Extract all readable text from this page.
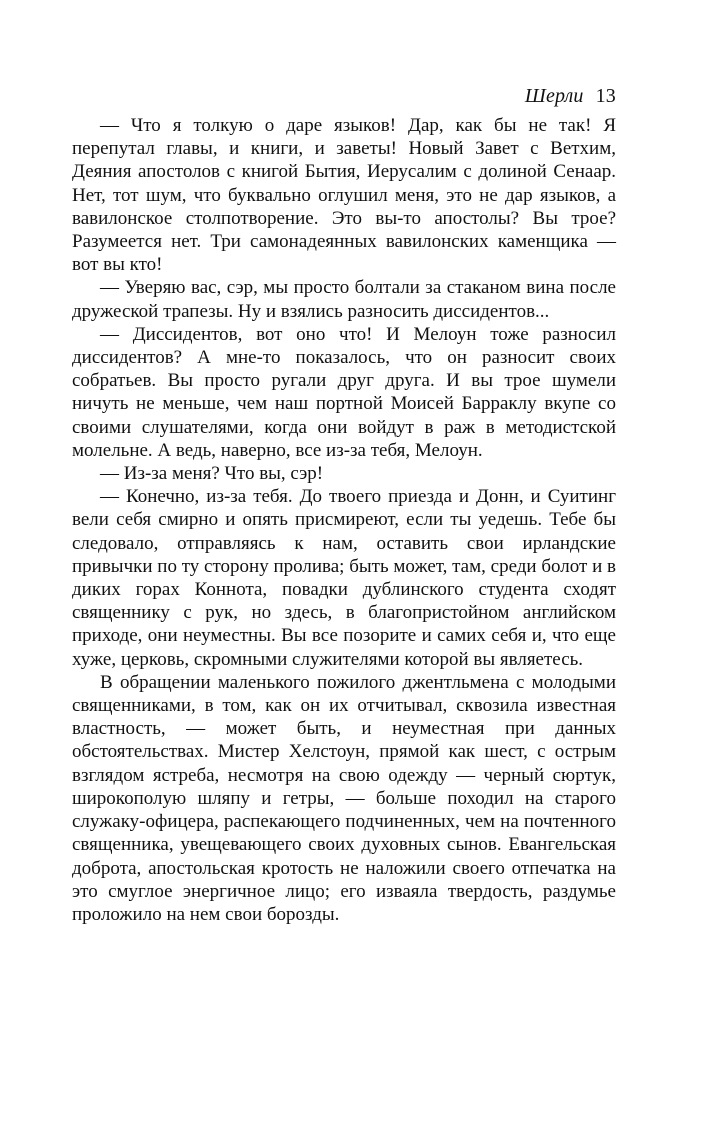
Шерли 13

— Что я толкую о даре языков! Дар, как бы не так! Я перепутал главы, и книги, и заветы! Новый Завет с Ветхим, Деяния апостолов с книгой Бытия, Иерусалим с долиной Сенаар. Нет, тот шум, что буквально оглушил меня, это не дар языков, а вавилонское столпотворение. Это вы-то апостолы? Вы трое? Разумеется нет. Три самонадеянных вавилонских каменщика — вот вы кто!

— Уверяю вас, сэр, мы просто болтали за стаканом вина после дружеской трапезы. Ну и взялись разносить диссидентов...

— Диссидентов, вот оно что! И Мелоун тоже разносил диссидентов? А мне-то показалось, что он разносит своих собратьев. Вы просто ругали друг друга. И вы трое шумели ничуть не меньше, чем наш портной Моисей Барраклу вкупе со своими слушателями, когда они войдут в раж в методистской молельне. А ведь, наверно, все из-за тебя, Мелоун.

— Из-за меня? Что вы, сэр!

— Конечно, из-за тебя. До твоего приезда и Донн, и Суитинг вели себя смирно и опять присмиреют, если ты уедешь. Тебе бы следовало, отправляясь к нам, оставить свои ирландские привычки по ту сторону пролива; быть может, там, среди болот и в диких горах Коннота, повадки дублинского студента сходят священнику с рук, но здесь, в благопристойном английском приходе, они неуместны. Вы все позорите и самих себя и, что еще хуже, церковь, скромными служителями которой вы являетесь.

В обращении маленького пожилого джентльмена с молодыми священниками, в том, как он их отчитывал, сквозила известная властность, — может быть, и неуместная при данных обстоятельствах. Мистер Хелстоун, прямой как шест, с острым взглядом ястреба, несмотря на свою одежду — черный сюртук, широкополую шляпу и гетры, — больше походил на старого служаку-офицера, распекающего подчиненных, чем на почтенного священника, увещевающего своих духовных сынов. Евангельская доброта, апостольская кротость не наложили своего отпечатка на это смуглое энергичное лицо; его изваяла твердость, раздумье проложило на нем свои борозды.
